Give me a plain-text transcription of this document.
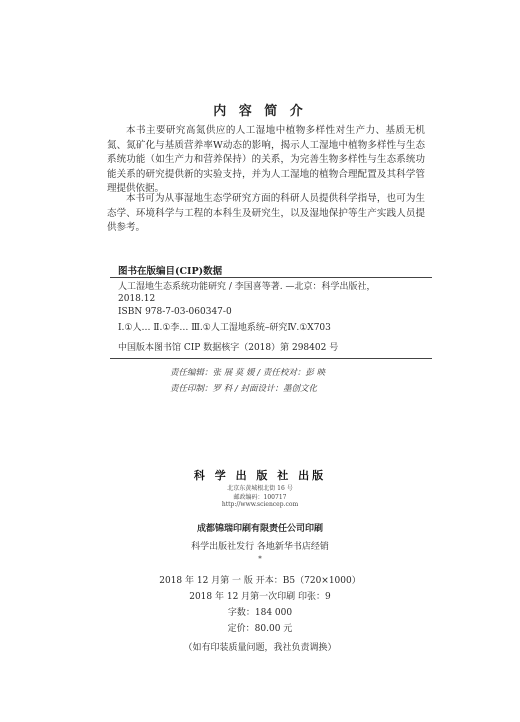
内 容 简 介
本书主要研究高氮供应的人工湿地中植物多样性对生产力、基质无机氮、氮矿化与基质营养率W动态的影响，揭示人工湿地中植物多样性与生态系统功能（如生产力和营养保持）的关系，为完善生物多样性与生态系统功能关系的研究提供新的实验支持，并为人工湿地的植物合理配置及其科学管理提供依据。
本书可为从事湿地生态学研究方面的科研人员提供科学指导，也可为生态学、环境科学与工程的本科生及研究生，以及湿地保护等生产实践人员提供参考。
图书在版编目(CIP)数据
人工湿地生态系统功能研究 / 李国喜等著. —北京：科学出版社，
2018.12
ISBN 978-7-03-060347-0
Ⅰ.①人… Ⅱ.①李… Ⅲ.①人工湿地系统–研究Ⅳ.①X703
中国版本图书馆 CIP 数据核字（2018）第 298402 号
责任编辑：张 展 莫 媛 / 责任校对：彭 映
责任印制：罗 科 / 封面设计：墨创文化
科 学 出 版 社 出版
北京东黄城根北街 16 号
邮政编码：100717
http://www.sciencep.com
成都锦瑞印刷有限责任公司印刷
科学出版社发行 各地新华书店经销
*
2018 年 12 月第 一 版 开本：B5（720×1000）
2018 年 12 月第一次印刷 印张：9
字数：184 000
定价：80.00 元
（如有印装质量问题，我社负责调换）
